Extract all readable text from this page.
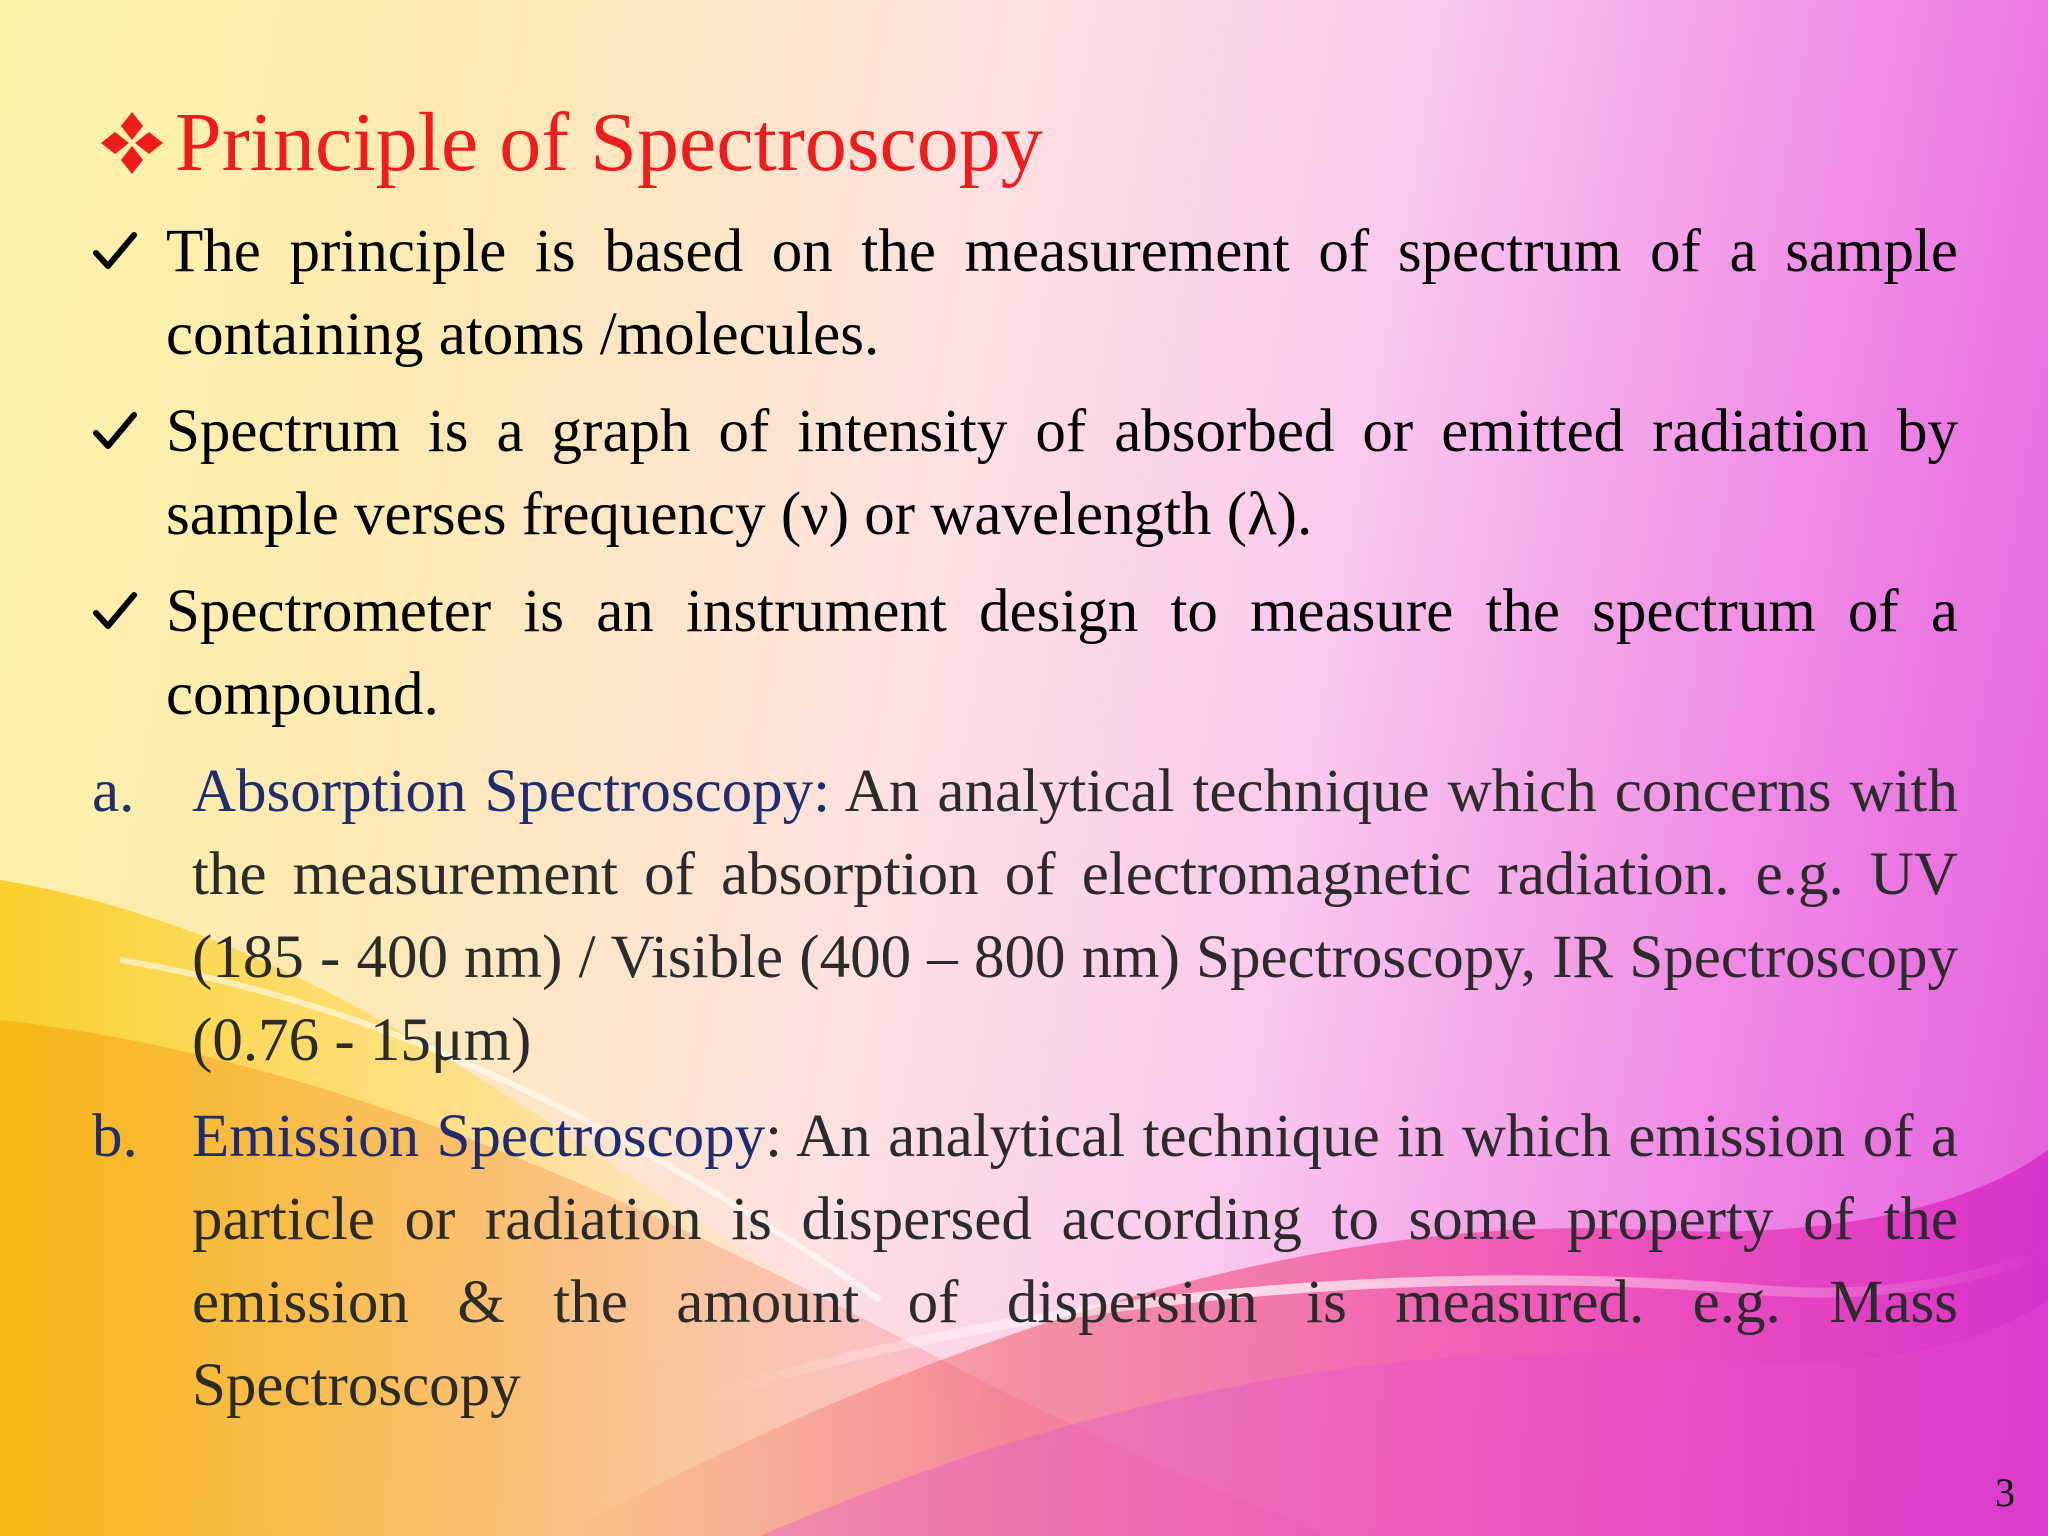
Principle of Spectroscopy
The principle is based on the measurement of spectrum of a sample containing atoms /molecules.
Spectrum is a graph of intensity of absorbed or emitted radiation by sample verses frequency (ν) or wavelength (λ).
Spectrometer is an instrument design to measure the spectrum of a compound.
a. Absorption Spectroscopy: An analytical technique which concerns with the measurement of absorption of electromagnetic radiation. e.g. UV (185 - 400 nm) / Visible (400 – 800 nm) Spectroscopy, IR Spectroscopy (0.76 - 15μm)
b. Emission Spectroscopy: An analytical technique in which emission of a particle or radiation is dispersed according to some property of the emission & the amount of dispersion is measured. e.g. Mass Spectroscopy
3
